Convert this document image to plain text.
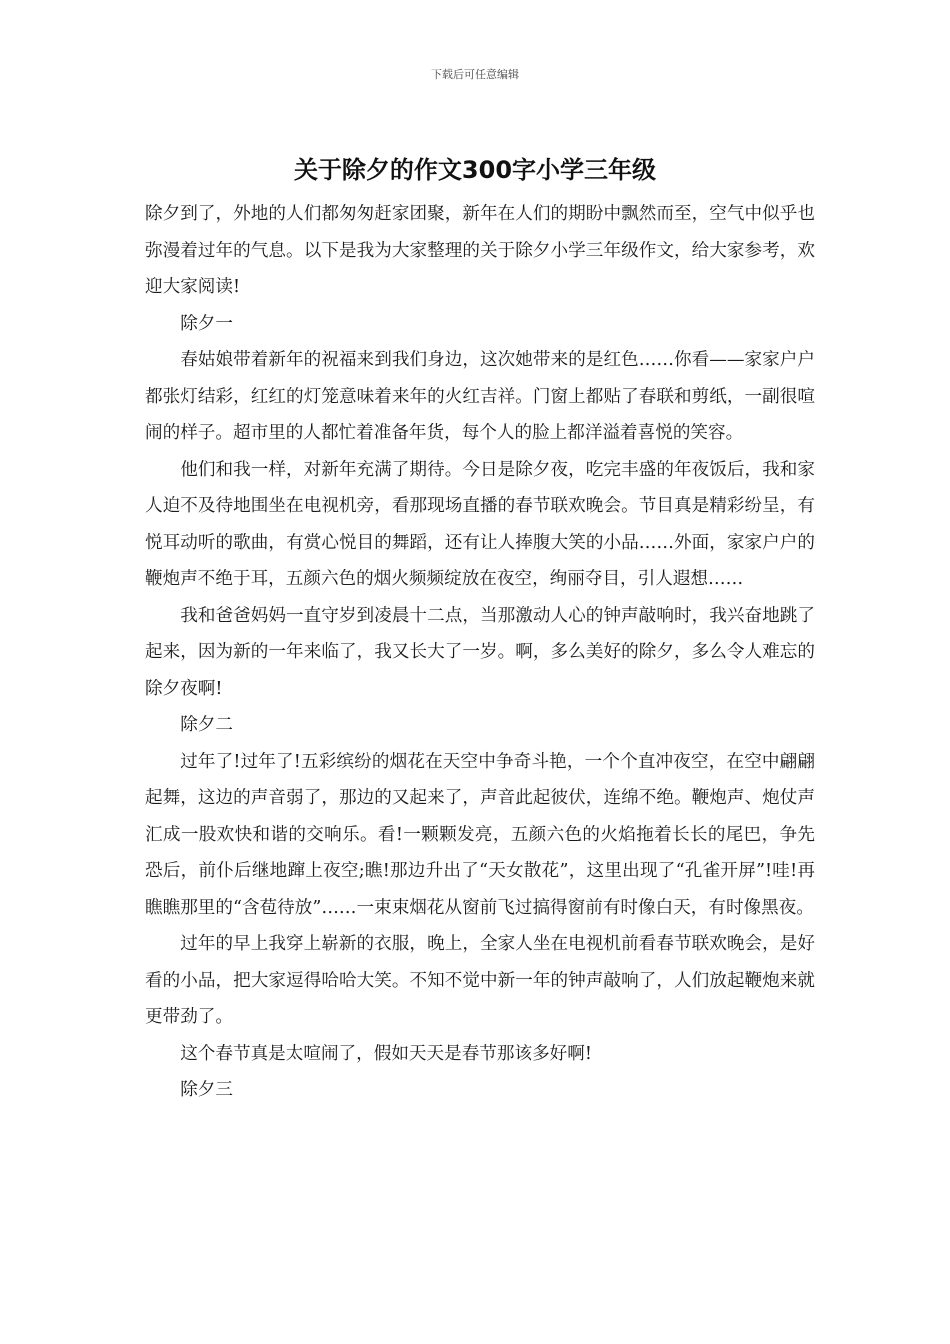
下载后可任意编辑
关于除夕的作文300字小学三年级

除夕到了，外地的人们都匆匆赶家团聚，新年在人们的期盼中飘然而至，空气中似乎也弥漫着过年的气息。以下是我为大家整理的关于除夕小学三年级作文，给大家参考，欢迎大家阅读!

除夕一

春姑娘带着新年的祝福来到我们身边，这次她带来的是红色……你看——家家户户都张灯结彩，红红的灯笼意味着来年的火红吉祥。门窗上都贴了春联和剪纸，一副很喧闹的样子。超市里的人都忙着准备年货，每个人的脸上都洋溢着喜悦的笑容。

他们和我一样，对新年充满了期待。今日是除夕夜，吃完丰盛的年夜饭后，我和家人迫不及待地围坐在电视机旁，看那现场直播的春节联欢晚会。节目真是精彩纷呈，有悦耳动听的歌曲，有赏心悦目的舞蹈，还有让人捧腹大笑的小品……外面，家家户户的鞭炮声不绝于耳，五颜六色的烟火频频绽放在夜空，绚丽夺目，引人遐想……

我和爸爸妈妈一直守岁到凌晨十二点，当那激动人心的钟声敲响时，我兴奋地跳了起来，因为新的一年来临了，我又长大了一岁。啊，多么美好的除夕，多么令人难忘的除夕夜啊!

除夕二

过年了!过年了!五彩缤纷的烟花在天空中争奇斗艳，一个个直冲夜空，在空中翩翩起舞，这边的声音弱了，那边的又起来了，声音此起彼伏，连绵不绝。鞭炮声、炮仗声汇成一股欢快和谐的交响乐。看!一颗颗发亮，五颜六色的火焰拖着长长的尾巴，争先恐后，前仆后继地蹿上夜空;瞧!那边升出了“天女散花”，这里出现了“孔雀开屏”!哇!再瞧瞧那里的“含苞待放”……一束束烟花从窗前飞过搞得窗前有时像白天，有时像黑夜。

过年的早上我穿上崭新的衣服，晚上，全家人坐在电视机前看春节联欢晚会，是好看的小品，把大家逗得哈哈大笑。不知不觉中新一年的钟声敲响了，人们放起鞭炮来就更带劲了。

这个春节真是太喧闹了，假如天天是春节那该多好啊!

除夕三
